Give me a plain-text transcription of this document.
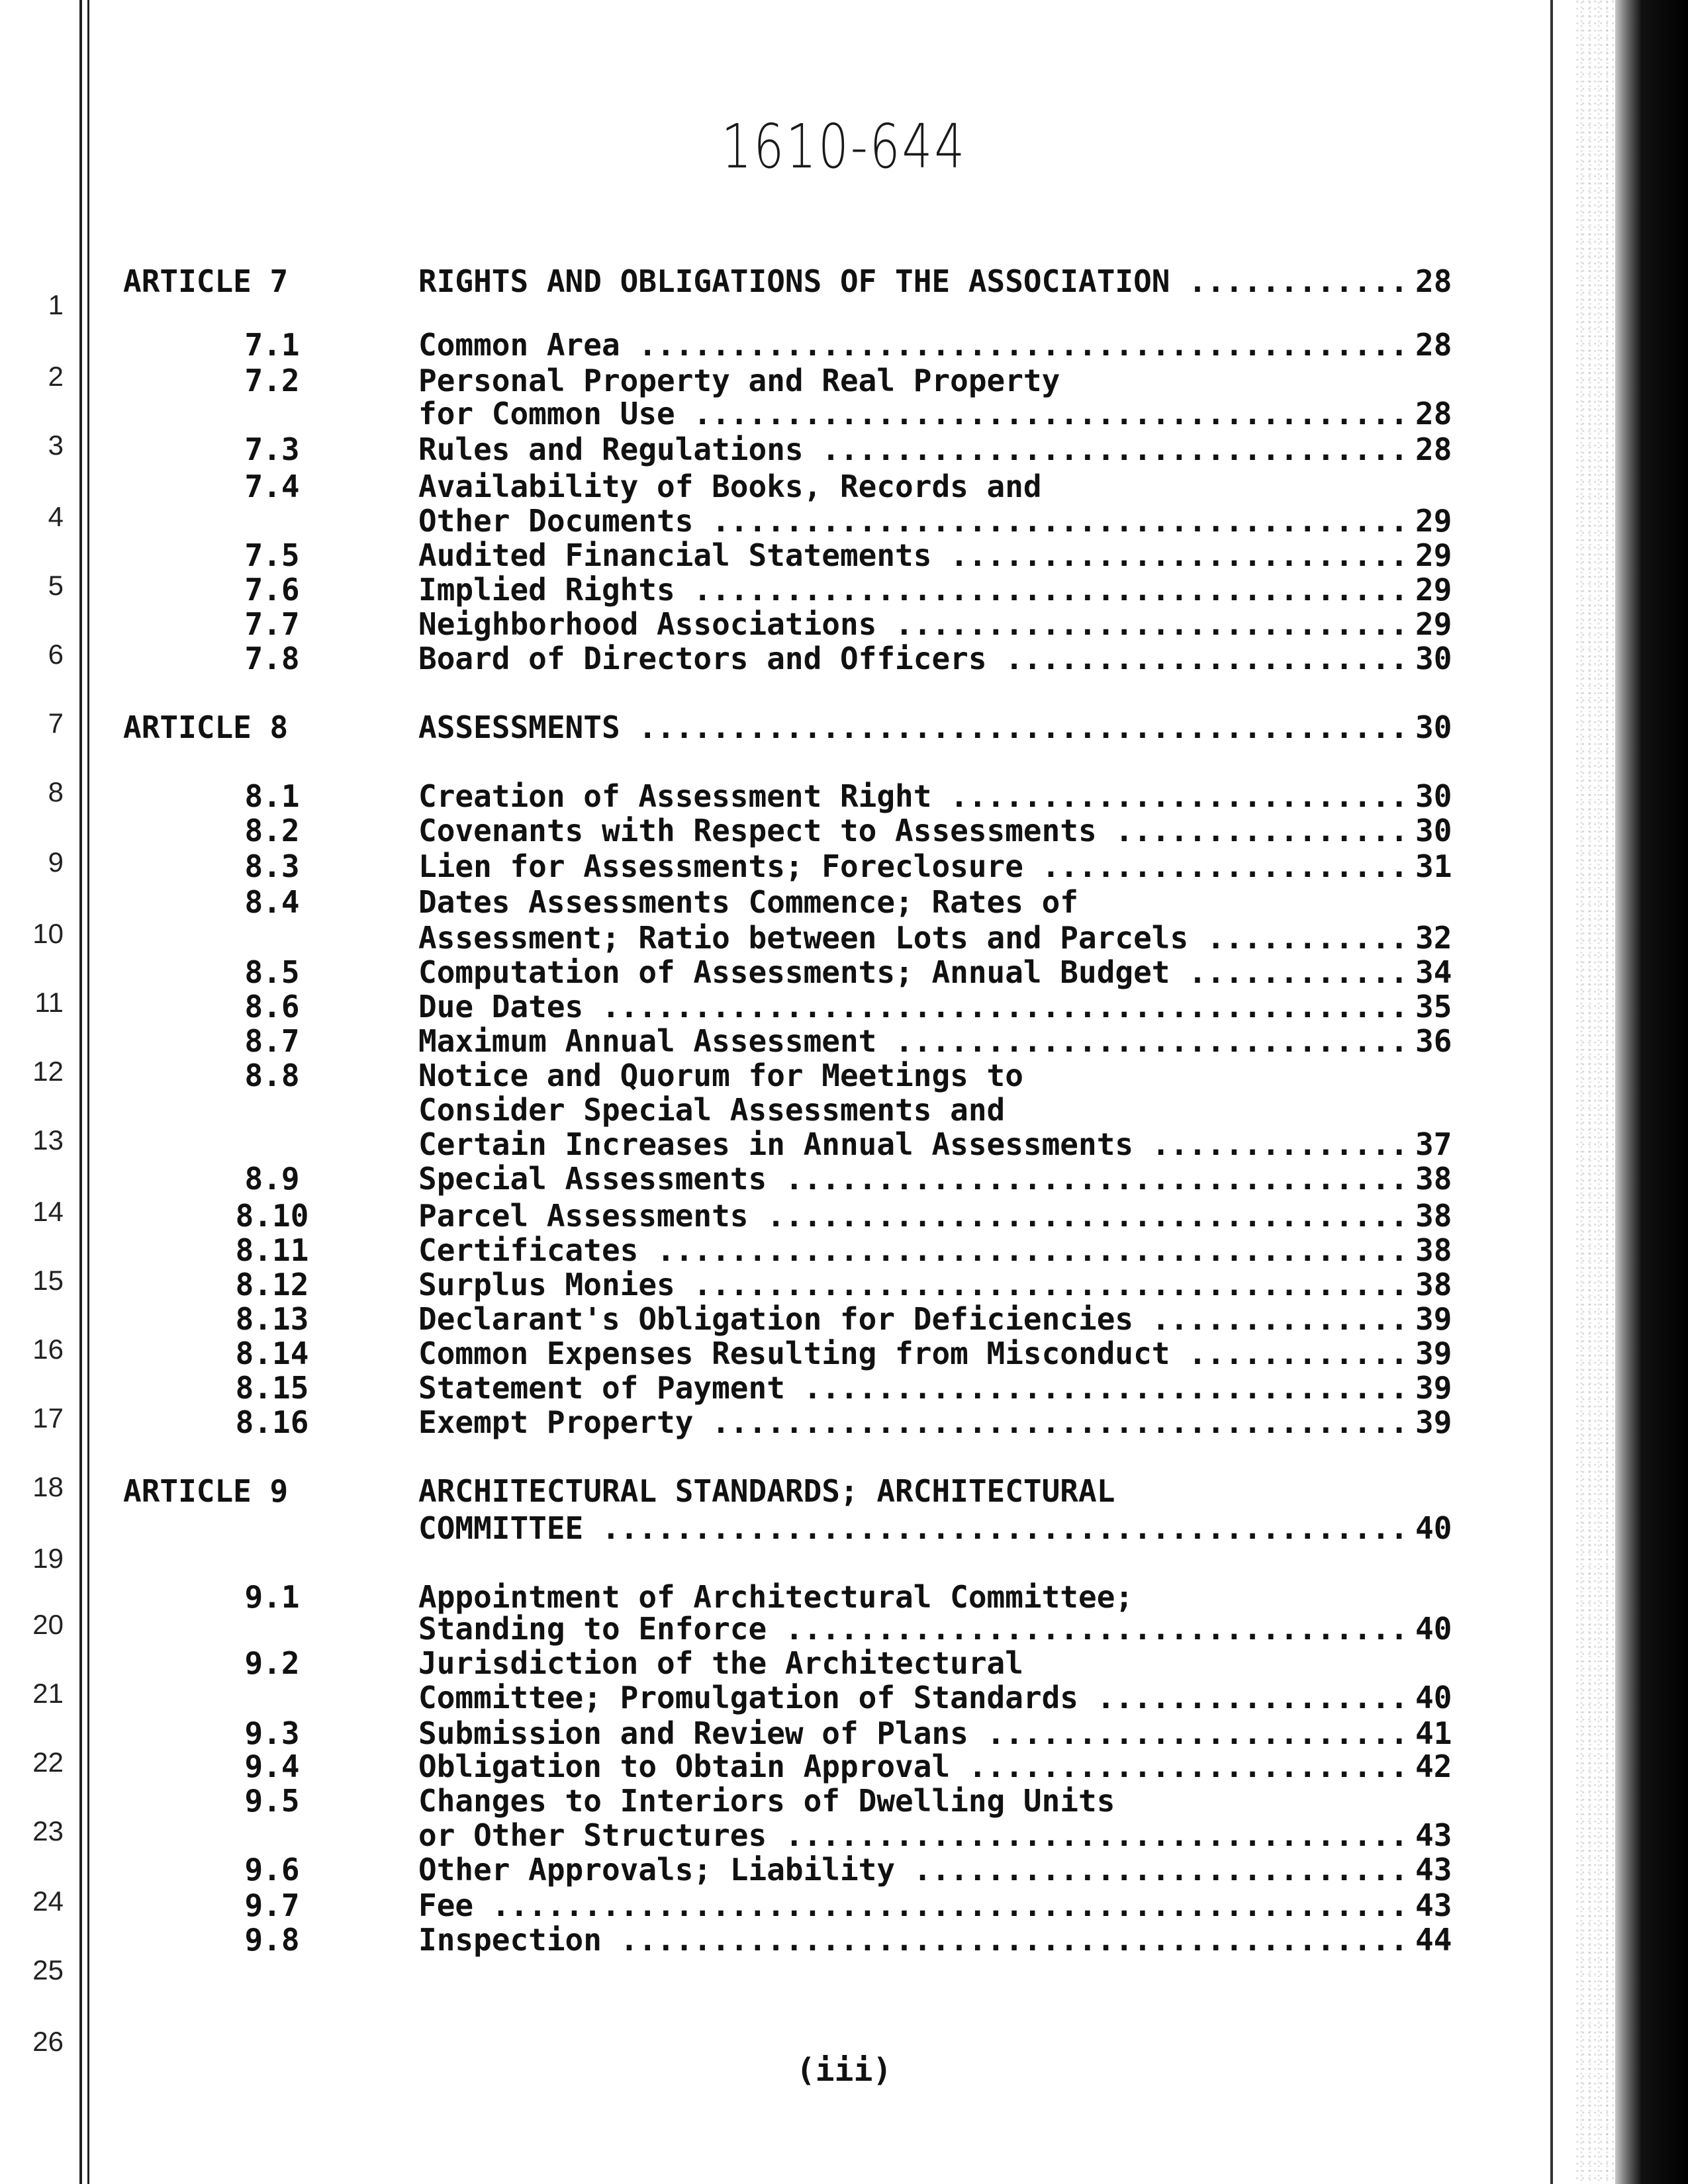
1610-644
1
2
3
4
5
6
7
8
9
10
11
12
13
14
15
16
17
18
19
20
21
22
23
24
25
26
ARTICLE 7	RIGHTS AND OBLIGATIONS OF THE ASSOCIATION .....	28
7.1	Common Area .....	28
7.2	Personal Property and Real Property
for Common Use .....	28
7.3	Rules and Regulations .....	28
7.4	Availability of Books, Records and
Other Documents .....	29
7.5	Audited Financial Statements .....	29
7.6	Implied Rights .....	29
7.7	Neighborhood Associations .....	29
7.8	Board of Directors and Officers .....	30
ARTICLE 8	ASSESSMENTS .....	30
8.1	Creation of Assessment Right .....	30
8.2	Covenants with Respect to Assessments .....	30
8.3	Lien for Assessments; Foreclosure .....	31
8.4	Dates Assessments Commence; Rates of
Assessment; Ratio between Lots and Parcels .....	32
8.5	Computation of Assessments; Annual Budget .....	34
8.6	Due Dates .....	35
8.7	Maximum Annual Assessment .....	36
8.8	Notice and Quorum for Meetings to
Consider Special Assessments and
Certain Increases in Annual Assessments .....	37
8.9	Special Assessments .....	38
8.10	Parcel Assessments .....	38
8.11	Certificates .....	38
8.12	Surplus Monies .....	38
8.13	Declarant's Obligation for Deficiencies .....	39
8.14	Common Expenses Resulting from Misconduct .....	39
8.15	Statement of Payment .....	39
8.16	Exempt Property .....	39
ARTICLE 9	ARCHITECTURAL STANDARDS; ARCHITECTURAL
COMMITTEE .....	40
9.1	Appointment of Architectural Committee;
Standing to Enforce .....	40
9.2	Jurisdiction of the Architectural
Committee; Promulgation of Standards .....	40
9.3	Submission and Review of Plans .....	41
9.4	Obligation to Obtain Approval .....	42
9.5	Changes to Interiors of Dwelling Units
or Other Structures .....	43
9.6	Other Approvals; Liability .....	43
9.7	Fee .....	43
9.8	Inspection .....	44
(iii)
